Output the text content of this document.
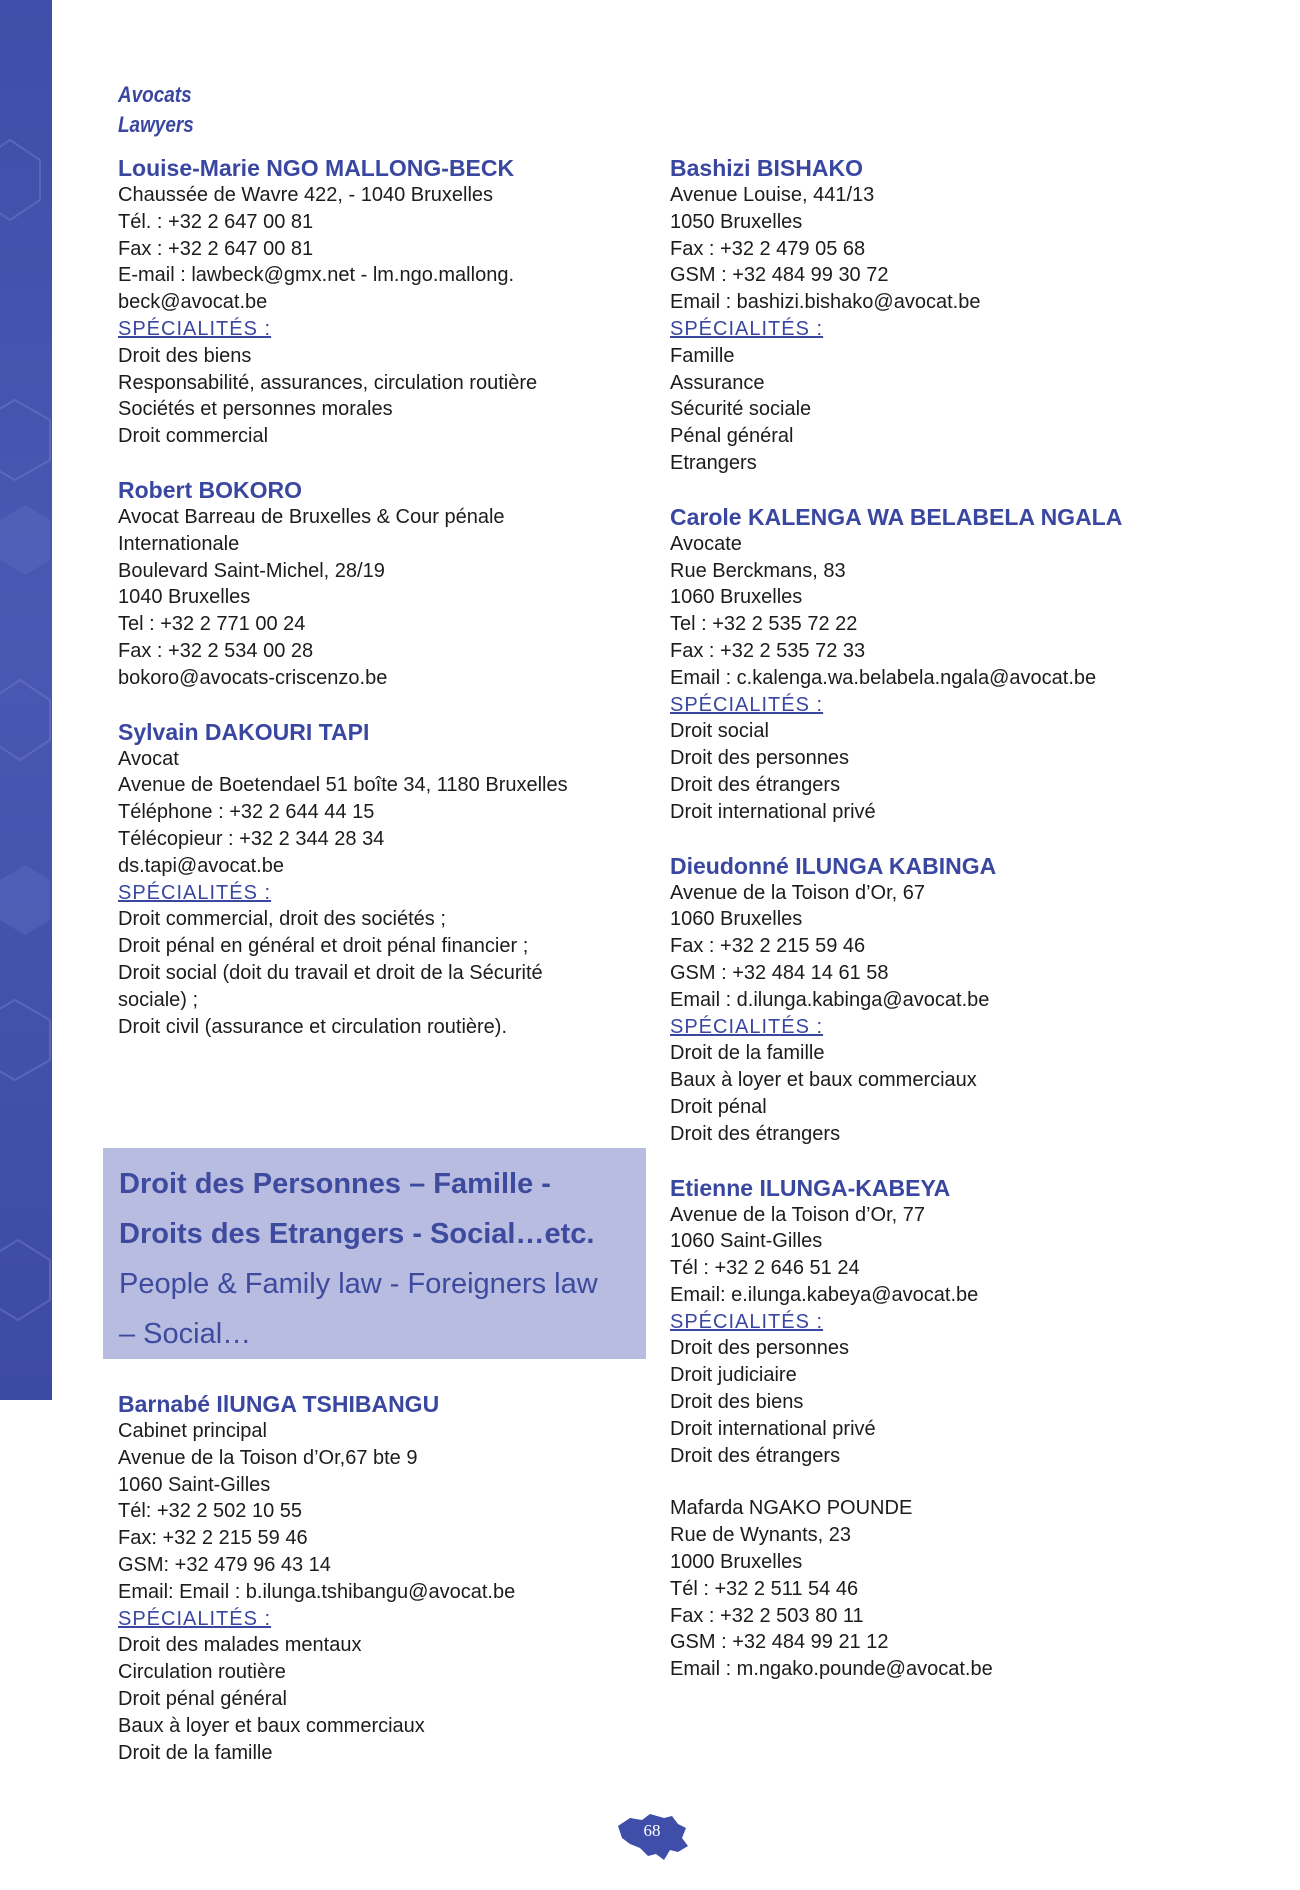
Avocats
Lawyers
Louise-Marie NGO MALLONG-BECK
Chaussée de Wavre 422, - 1040 Bruxelles
Tél. : +32 2 647 00 81
Fax : +32 2 647 00 81
E-mail : lawbeck@gmx.net - lm.ngo.mallong.
beck@avocat.be
SPÉCIALITÉS :
Droit des biens
Responsabilité, assurances, circulation routière
Sociétés et personnes morales
Droit commercial
Robert BOKORO
Avocat Barreau de Bruxelles & Cour pénale
Internationale
Boulevard Saint-Michel, 28/19
1040 Bruxelles
Tel : +32 2 771 00 24
Fax : +32 2 534 00 28
bokoro@avocats-criscenzo.be
Sylvain DAKOURI TAPI
Avocat
Avenue de Boetendael 51 boîte 34, 1180 Bruxelles
Téléphone : +32 2 644 44 15
Télécopieur : +32 2 344 28 34
ds.tapi@avocat.be
SPÉCIALITÉS :
Droit commercial, droit des sociétés ;
Droit pénal en général et droit pénal financier ;
Droit social (doit du travail et droit de la Sécurité
sociale) ;
Droit civil (assurance et circulation routière).
Droit des Personnes – Famille -
Droits des Etrangers - Social…etc.
People & Family law - Foreigners law
– Social…
Barnabé IlUNGA TSHIBANGU
Cabinet principal
Avenue de la Toison d’Or,67 bte 9
1060 Saint-Gilles
Tél: +32 2 502 10 55
Fax: +32 2 215 59 46
GSM: +32 479 96 43 14
Email: Email : b.ilunga.tshibangu@avocat.be
SPÉCIALITÉS :
Droit des malades mentaux
Circulation routière
Droit pénal général
Baux à loyer et baux commerciaux
Droit de la famille
Bashizi BISHAKO
Avenue Louise, 441/13
1050 Bruxelles
Fax : +32 2 479 05 68
GSM : +32 484 99 30 72
Email : bashizi.bishako@avocat.be
SPÉCIALITÉS :
Famille
Assurance
Sécurité sociale
Pénal général
Etrangers
Carole KALENGA WA BELABELA NGALA
Avocate
Rue Berckmans, 83
1060 Bruxelles
Tel : +32 2 535 72 22
Fax : +32 2 535 72 33
Email : c.kalenga.wa.belabela.ngala@avocat.be
SPÉCIALITÉS :
Droit social
Droit des personnes
Droit des étrangers
Droit international privé
Dieudonné ILUNGA KABINGA
Avenue de la Toison d’Or, 67
1060 Bruxelles
Fax : +32 2 215 59 46
GSM : +32 484 14 61 58
Email : d.ilunga.kabinga@avocat.be
SPÉCIALITÉS :
Droit de la famille
Baux à loyer et baux commerciaux
Droit pénal
Droit des étrangers
Etienne ILUNGA-KABEYA
Avenue de la Toison d’Or, 77
1060 Saint-Gilles
Tél : +32 2 646 51 24
Email: e.ilunga.kabeya@avocat.be
SPÉCIALITÉS :
Droit des personnes
Droit judiciaire
Droit des biens
Droit international privé
Droit des étrangers
Mafarda NGAKO POUNDE
Rue de Wynants, 23
1000 Bruxelles
Tél : +32 2 511 54 46
Fax : +32 2 503 80 11
GSM : +32 484 99 21 12
Email : m.ngako.pounde@avocat.be
68
